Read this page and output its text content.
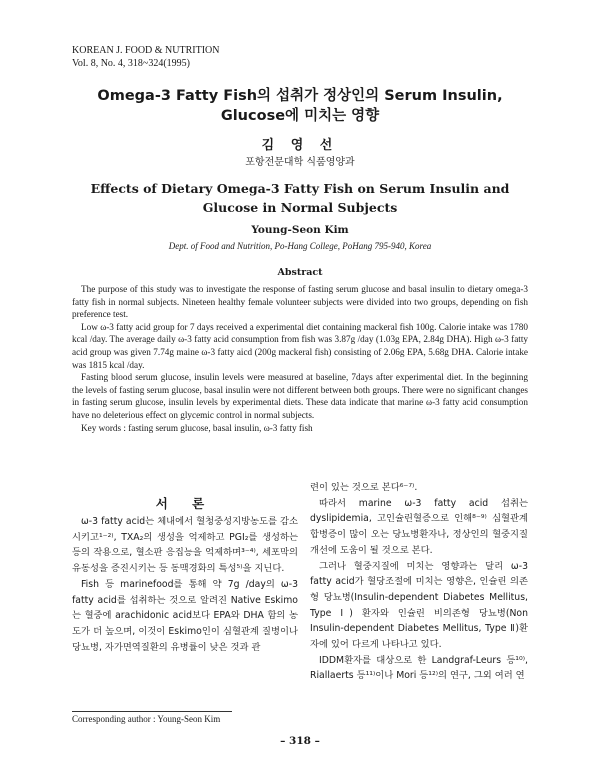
KOREAN J. FOOD & NUTRITION
Vol. 8, No. 4, 318~324(1995)
Omega-3 Fatty Fish의 섭취가 정상인의 Serum Insulin,
Glucose에 미치는 영향
김 영 선
포항전문대학 식품영양과
Effects of Dietary Omega-3 Fatty Fish on Serum Insulin and
Glucose in Normal Subjects
Young-Seon Kim
Dept. of Food and Nutrition, Po-Hang College, PoHang 795-940, Korea
Abstract

The purpose of this study was to investigate the response of fasting serum glucose and basal insulin to dietary omega-3 fatty fish in normal subjects. Nineteen healthy female volunteer subjects were divided into two groups, depending on fish preference test.

Low ω-3 fatty acid group for 7 days received a experimental diet containing mackeral fish 100g. Calorie intake was 1780 kcal /day. The average daily ω-3 fatty acid consumption from fish was 3.87g /day (1.03g EPA, 2.84g DHA). High ω-3 fatty acid group was given 7.74g maine ω-3 fatty aicd (200g mackeral fish) consisting of 2.06g EPA, 5.68g DHA. Calorie intake was 1815 kcal /day.

Fasting blood serum glucose, insulin levels were measured at baseline, 7days after experimental diet. In the beginning the levels of fasting serum glucose, basal insulin were not different between both groups. There were no significant changes in fasting serum glucose, insulin levels by experimental diets. These data indicate that marine ω-3 fatty acid consumption have no deleterious effect on glycemic control in normal subjects.

Key words : fasting serum glucose, basal insulin, ω-3 fatty fish

서 론

ω-3 fatty acid는 체내에서 혈청중성지방농도를 감소시키고¹⁻²⁾, TXA₂의 생성을 억제하고 PGI₂를 생성하는 등의 작용으로, 혈소판 응집능을 억제하며³⁻⁴⁾, 세포막의 유동성을 증진시키는 등 동맥경화의 특성⁵⁾을 지닌다.

Fish 등 marinefood를 통해 약 7g /day의 ω-3 fatty acid를 섭취하는 것으로 알려진 Native Eskimo는 혈중에 arachidonic acid보다 EPA와 DHA 함의 농도가 더 높으며, 이것이 Eskimo인이 심혈관계 질병이나 당뇨병, 자가면역질환의 유병률이 낮은 것과 관

련이 있는 것으로 본다⁶⁻⁷⁾.

따라서 marine ω-3 fatty acid 섭취는 dyslipidemia, 고인슐린혈증으로 인해⁸⁻⁹⁾ 심혈관계 합병증이 많이 오는 당뇨병환자나, 정상인의 혈중지질개선에 도움이 될 것으로 본다.

그러나 혈중지질에 미치는 영향과는 달리 ω-3 fatty acid가 혈당조절에 미치는 영향은, 인슐린 의존형 당뇨병(Insulin-dependent Diabetes Mellitus, Type Ⅰ) 환자와 인슐린 비의존형 당뇨병(Non Insulin-dependent Diabetes Mellitus, Type Ⅱ)환자에 있어 다르게 나타나고 있다.

IDDM환자를 대상으로 한 Landgraf-Leurs 등¹⁰⁾, Riallaerts 등¹¹⁾이나 Mori 등¹²⁾의 연구, 그외 여러 연

Corresponding author : Young-Seon Kim
– 318 –
